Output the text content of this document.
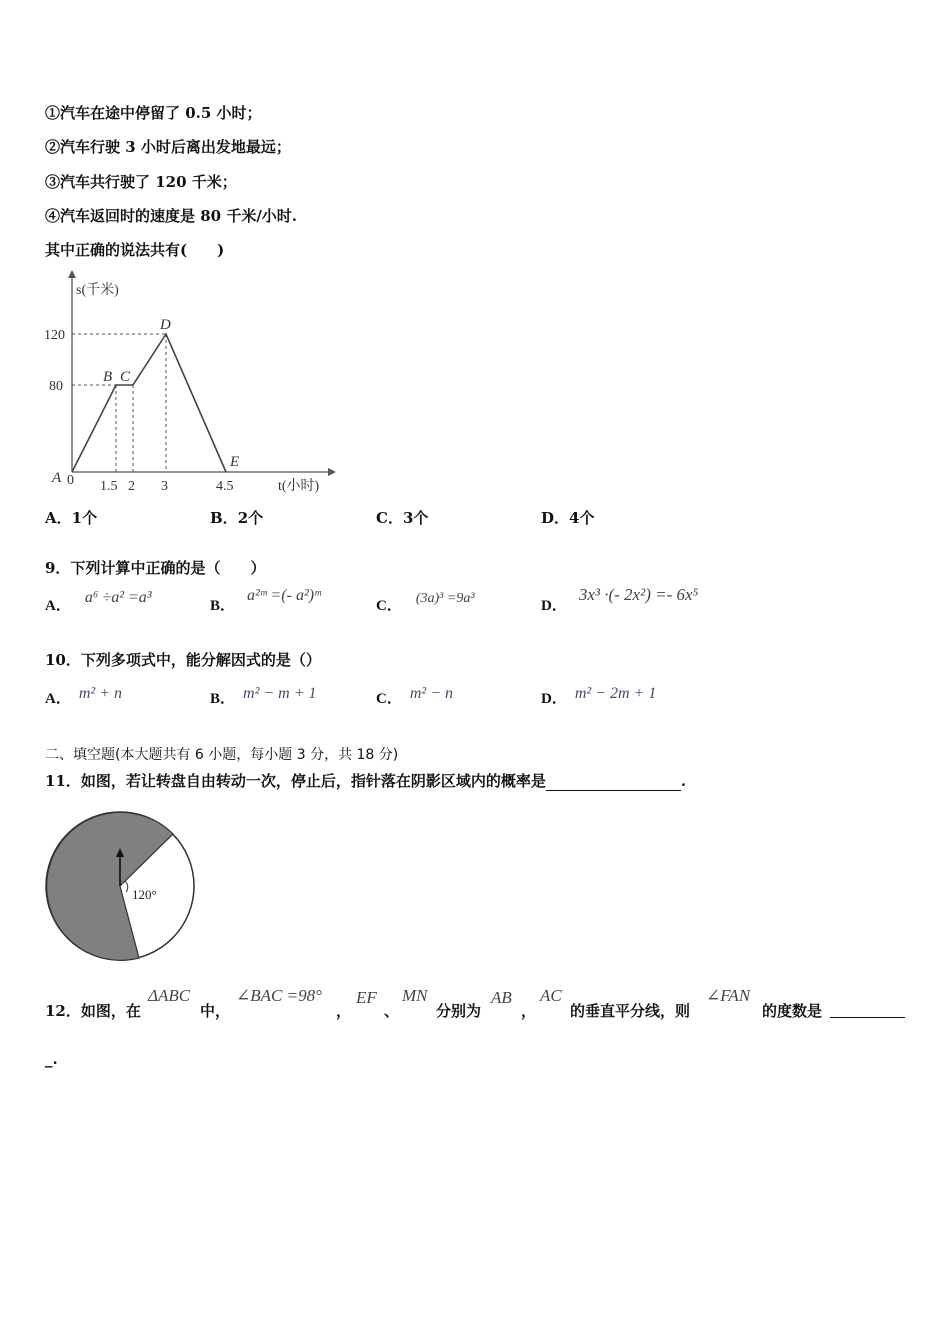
①汽车在途中停留了 0.5 小时；
②汽车行驶 3 小时后离出发地最远；
③汽车共行驶了 120 千米；
④汽车返回时的速度是 80 千米/小时.
其中正确的说法共有(　　)
s(千米)
t(小时)
120
80
1.5 2 3	4.5
0
A
B C
D
E
A．1个	B．2个	C．3个	D．4个
9．下列计算中正确的是（　　）
A． a⁶ ÷a² =a³	B．a²ᵐ =(- a²)ᵐ
C． (3a)³ =9a³	D．3x³ ·(- 2x²) =- 6x⁵
10．下列多项式中，能分解因式的是（）
A． m² + n	B． m² − m + 1	C． m² − n	D． m² − 2m + 1
二、填空题(本大题共有 6 小题，每小题 3 分，共 18 分)
11．如图，若让转盘自由转动一次，停止后，指针落在阴影区域内的概率是	.
120°
12．如图，在
ΔABC
中，
∠BAC =98°
，
EF
、
MN
分别为
AB
，
AC
的垂直平分线，则
∠FAN
的度数是
_.
